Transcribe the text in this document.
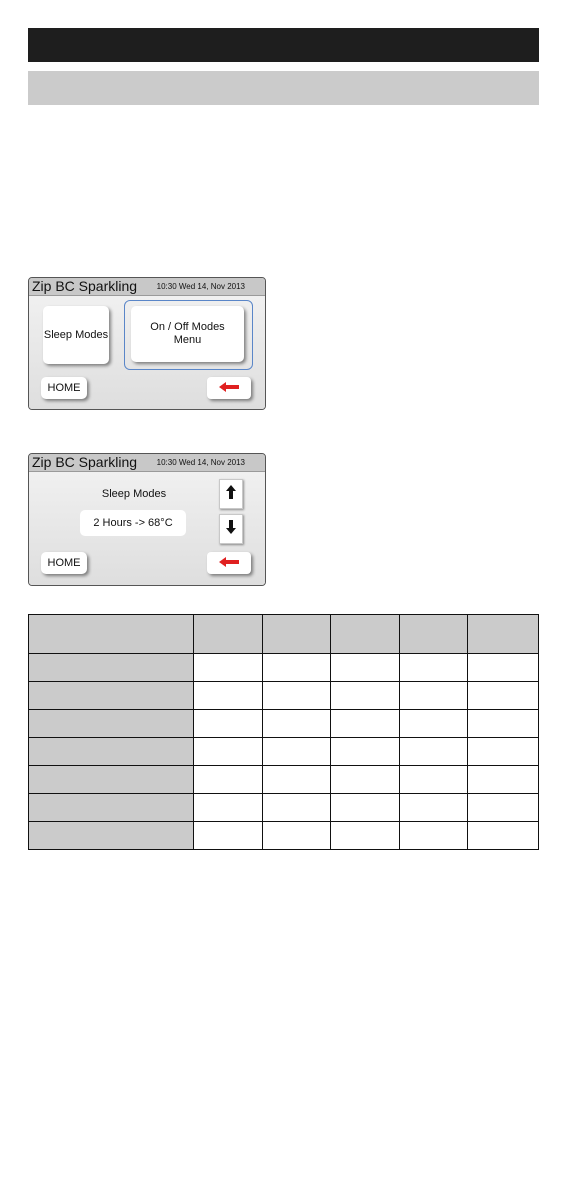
Zip BC Sparkling 10:30 Wed 14, Nov 2013
Sleep Modes
On / Off Modes
Menu
HOME
Zip BC Sparkling 10:30 Wed 14, Nov 2013
Sleep Modes
2 Hours -> 68°C
HOME
